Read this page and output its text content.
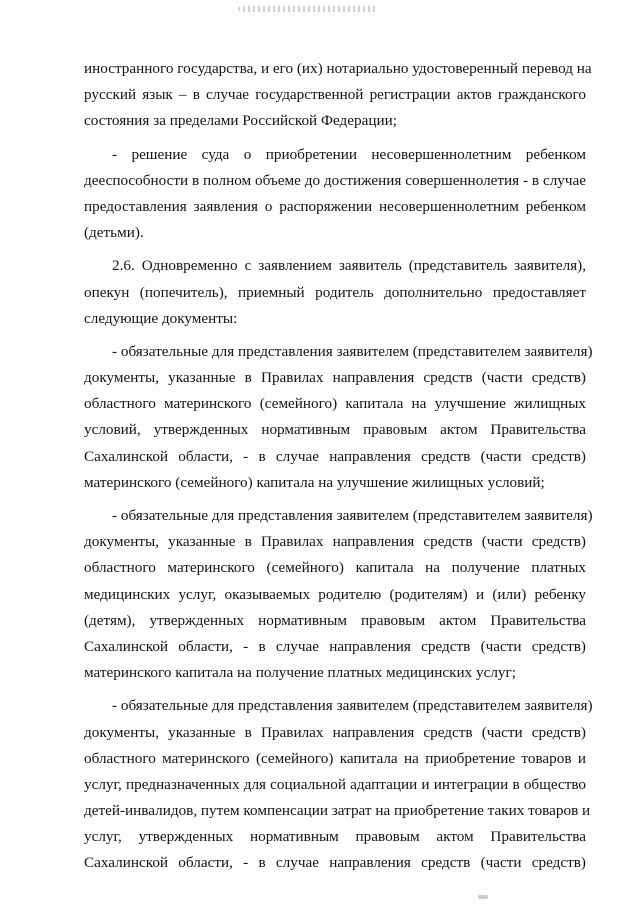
иностранного государства, и его (их) нотариально удостоверенный перевод на
русский язык – в случае государственной регистрации актов гражданского
состояния за пределами Российской Федерации;
- решение суда о приобретении несовершеннолетним ребенком
дееспособности в полном объеме до достижения совершеннолетия - в случае
предоставления заявления о распоряжении несовершеннолетним ребенком
(детьми).
2.6. Одновременно с заявлением заявитель (представитель заявителя),
опекун (попечитель), приемный родитель дополнительно предоставляет
следующие документы:
- обязательные для представления заявителем (представителем заявителя)
документы, указанные в Правилах направления средств (части средств)
областного материнского (семейного) капитала на улучшение жилищных
условий, утвержденных нормативным правовым актом Правительства
Сахалинской области, - в случае направления средств (части средств)
материнского (семейного) капитала на улучшение жилищных условий;
- обязательные для представления заявителем (представителем заявителя)
документы, указанные в Правилах направления средств (части средств)
областного материнского (семейного) капитала на получение платных
медицинских услуг, оказываемых родителю (родителям) и (или) ребенку
(детям), утвержденных нормативным правовым актом Правительства
Сахалинской области, - в случае направления средств (части средств)
материнского капитала на получение платных медицинских услуг;
- обязательные для представления заявителем (представителем заявителя)
документы, указанные в Правилах направления средств (части средств)
областного материнского (семейного) капитала на приобретение товаров и
услуг, предназначенных для социальной адаптации и интеграции в общество
детей-инвалидов, путем компенсации затрат на приобретение таких товаров и
услуг, утвержденных нормативным правовым актом Правительства
Сахалинской области, - в случае направления средств (части средств)
